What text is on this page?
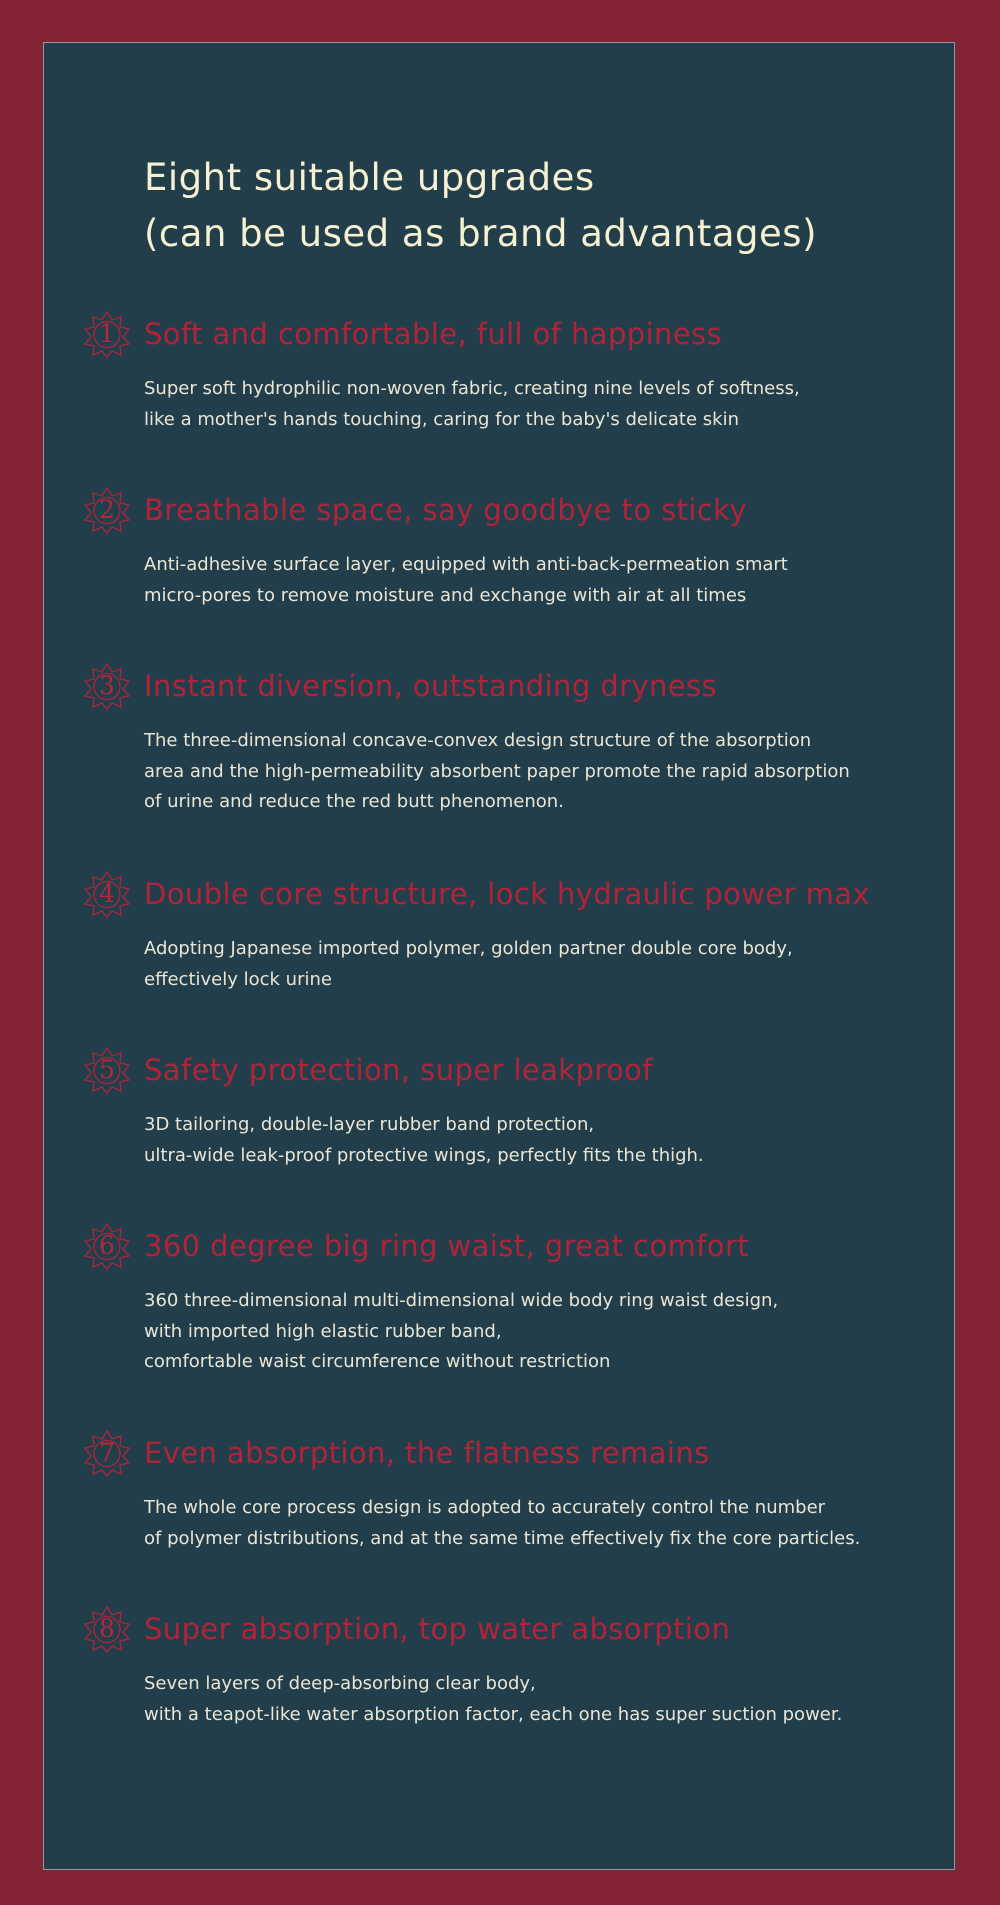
Eight suitable upgrades
(can be used as brand advantages)
1	Soft and comfortable, full of happiness

Super soft hydrophilic non-woven fabric, creating nine levels of softness,
like a mother's hands touching, caring for the baby's delicate skin

2	Breathable space, say goodbye to sticky

Anti-adhesive surface layer, equipped with anti-back-permeation smart
micro-pores to remove moisture and exchange with air at all times

3	Instant diversion, outstanding dryness

The three-dimensional concave-convex design structure of the absorption
area and the high-permeability absorbent paper promote the rapid absorption
of urine and reduce the red butt phenomenon.

4	Double core structure, lock hydraulic power max

Adopting Japanese imported polymer, golden partner double core body,
effectively lock urine

5	Safety protection, super leakproof

3D tailoring, double-layer rubber band protection,
ultra-wide leak-proof protective wings, perfectly fits the thigh.

6	360 degree big ring waist, great comfort

360 three-dimensional multi-dimensional wide body ring waist design,
with imported high elastic rubber band,
comfortable waist circumference without restriction

7	Even absorption, the flatness remains

The whole core process design is adopted to accurately control the number
of polymer distributions, and at the same time effectively fix the core particles.

8	Super absorption, top water absorption

Seven layers of deep-absorbing clear body,
with a teapot-like water absorption factor, each one has super suction power.
